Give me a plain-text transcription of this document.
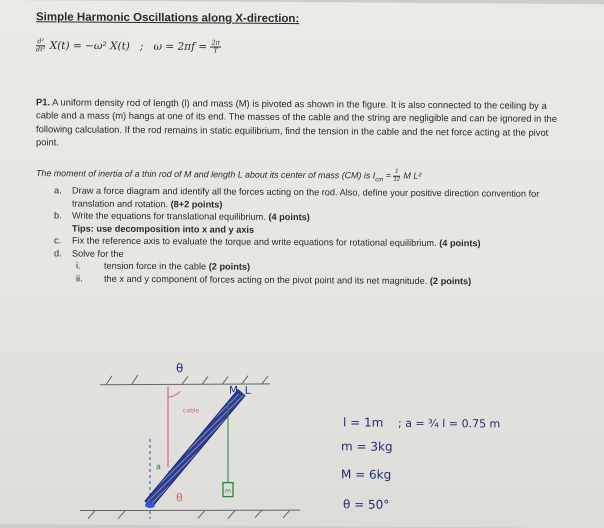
Simple Harmonic Oscillations along X-direction:
$\frac{\text{d²}}{\text{dt²}} X(t) = -\omega^2$ X(t) ; $\omega = 2\pi f = \frac{2\pi}{T}$
P1. A uniform density rod of length (l) and mass (M) is pivoted as shown in the figure. It is also connected to the ceiling by a cable and a mass (m) hangs at one of its end. The masses of the cable and the string are negligible and can be ignored in the following calculation. If the rod remains in static equilibrium, find the tension in the cable and the net force acting at the pivot point.
The moment of inertia of a thin rod of M and length L about its center of mass (CM) is $I_{cm} = \frac{1}{12}$ M L²
a.	Draw a force diagram and identify all the forces acting on the rod. Also, define your positive direction convention for translation and rotation. (8+2 points)
b.	Write the equations for translational equilibrium. (4 points)
Tips: use decomposition into x and y axis
c.	Fix the reference axis to evaluate the torque and write equations for rotational equilibrium. (4 points)
d.	Solve for the
i.	tension force in the cable (2 points)
ii.	the x and y component of forces acting on the pivot point and its net magnitude. (2 points)
θ
cable
M, L
a
θ
m
l = 1m
m = 3kg
M = 6kg
θ = 50°
; a = ¾ l = 0.75 m
